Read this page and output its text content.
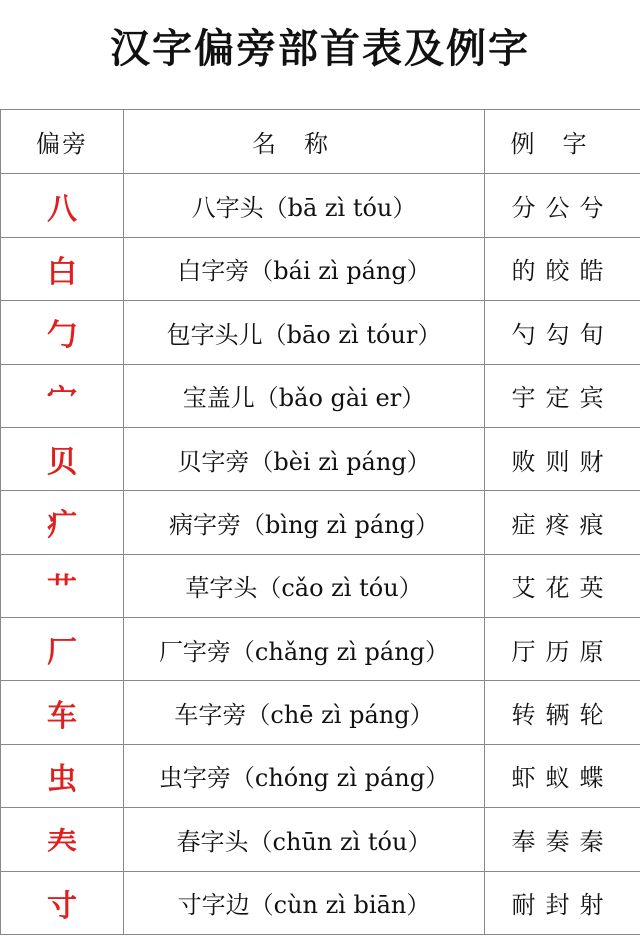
汉字偏旁部首表及例字
偏旁	名称	例字
八	八字头（bā zì tóu）	分公兮
白	白字旁（bái zì páng）	的皎皓
勹	包字头儿（bāo zì tóur）	勺勾旬
宀	宝盖儿（bǎo gài er）	宇定宾
贝	贝字旁（bèi zì páng）	败则财
疒	病字旁（bìng zì páng）	症疼痕
艹	草字头（cǎo zì tóu）	艾花英
厂	厂字旁（chǎng zì páng）	厅历原
车	车字旁（chē zì páng）	转辆轮
虫	虫字旁（chóng zì páng）	虾蚁蝶
𡗗	春字头（chūn zì tóu）	奉奏秦
寸	寸字边（cùn zì biān）	耐封射
